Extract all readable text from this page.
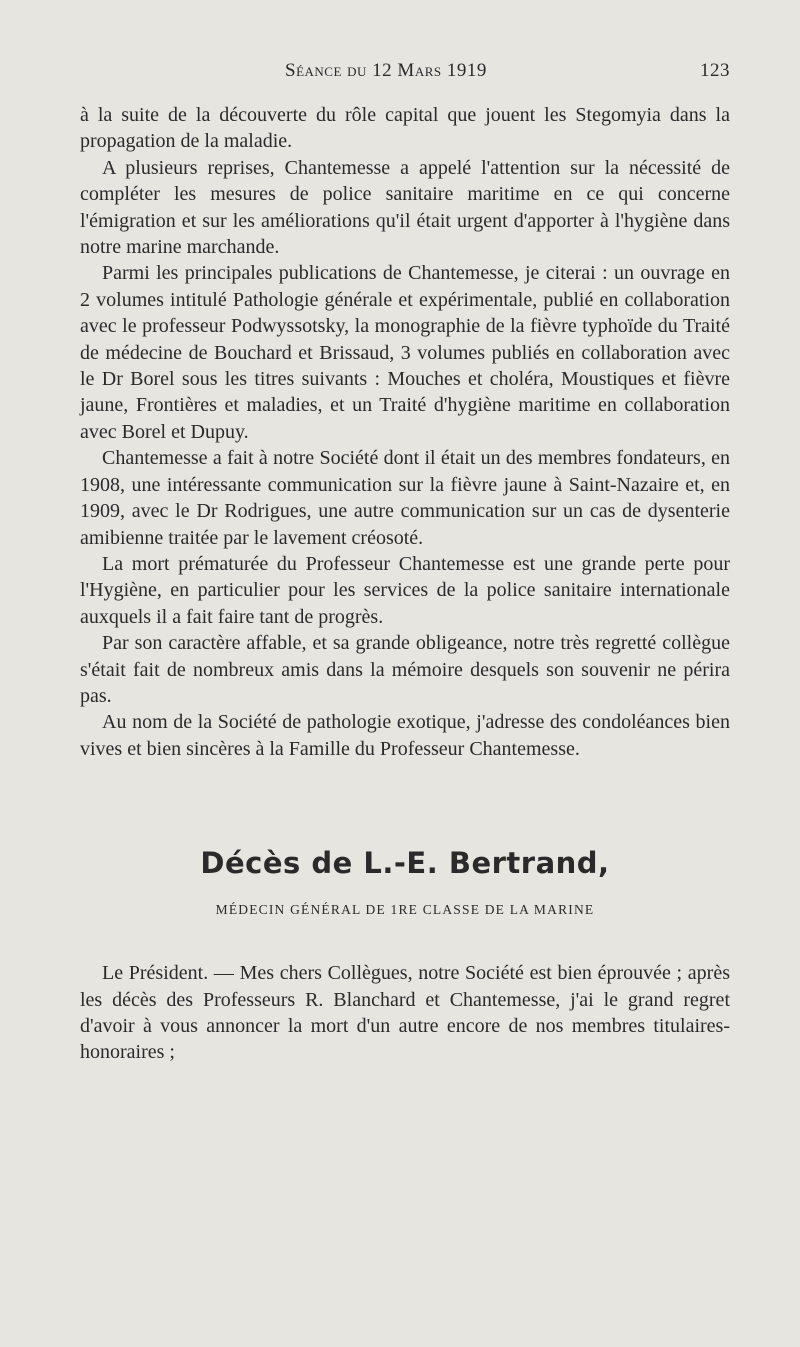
Séance du 12 Mars 1919	123

à la suite de la découverte du rôle capital que jouent les Stegomyia dans la propagation de la maladie.

A plusieurs reprises, Chantemesse a appelé l'attention sur la nécessité de compléter les mesures de police sanitaire maritime en ce qui concerne l'émigration et sur les améliorations qu'il était urgent d'apporter à l'hygiène dans notre marine marchande.

Parmi les principales publications de Chantemesse, je citerai : un ouvrage en 2 volumes intitulé Pathologie générale et expérimentale, publié en collaboration avec le professeur Podwyssotsky, la monographie de la fièvre typhoïde du Traité de médecine de Bouchard et Brissaud, 3 volumes publiés en collaboration avec le Dr Borel sous les titres suivants : Mouches et choléra, Moustiques et fièvre jaune, Frontières et maladies, et un Traité d'hygiène maritime en collaboration avec Borel et Dupuy.

Chantemesse a fait à notre Société dont il était un des membres fondateurs, en 1908, une intéressante communication sur la fièvre jaune à Saint-Nazaire et, en 1909, avec le Dr Rodrigues, une autre communication sur un cas de dysenterie amibienne traitée par le lavement créosoté.

La mort prématurée du Professeur Chantemesse est une grande perte pour l'Hygiène, en particulier pour les services de la police sanitaire internationale auxquels il a fait faire tant de progrès.

Par son caractère affable, et sa grande obligeance, notre très regretté collègue s'était fait de nombreux amis dans la mémoire desquels son souvenir ne périra pas.

Au nom de la Société de pathologie exotique, j'adresse des condoléances bien vives et bien sincères à la Famille du Professeur Chantemesse.

Décès de L.-E. Bertrand,
MÉDECIN GÉNÉRAL DE 1RE CLASSE DE LA MARINE

Le Président. — Mes chers Collègues, notre Société est bien éprouvée ; après les décès des Professeurs R. Blanchard et Chantemesse, j'ai le grand regret d'avoir à vous annoncer la mort d'un autre encore de nos membres titulaires-honoraires ;
